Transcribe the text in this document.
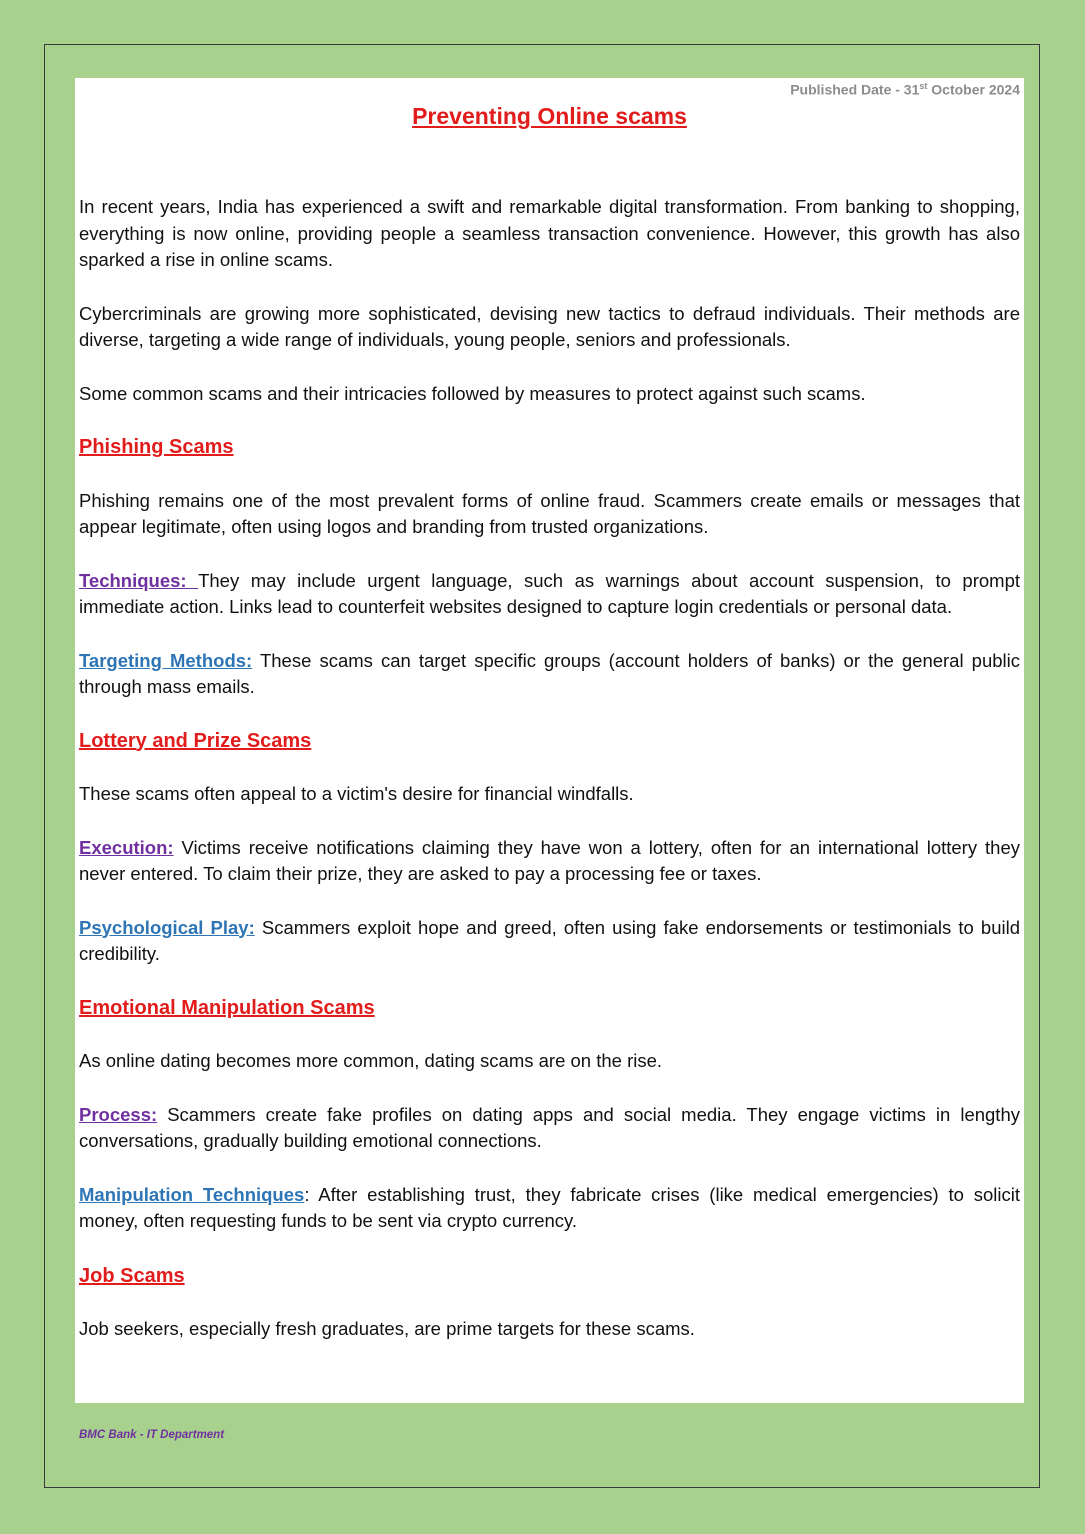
Published Date - 31st October 2024
Preventing Online scams

In recent years, India has experienced a swift and remarkable digital transformation. From banking to shopping, everything is now online, providing people a seamless transaction convenience. However, this growth has also sparked a rise in online scams.

Cybercriminals are growing more sophisticated, devising new tactics to defraud individuals. Their methods are diverse, targeting a wide range of individuals, young people, seniors and professionals.

Some common scams and their intricacies followed by measures to protect against such scams.

Phishing Scams

Phishing remains one of the most prevalent forms of online fraud. Scammers create emails or messages that appear legitimate, often using logos and branding from trusted organizations.

Techniques: They may include urgent language, such as warnings about account suspension, to prompt immediate action. Links lead to counterfeit websites designed to capture login credentials or personal data.

Targeting Methods: These scams can target specific groups (account holders of banks) or the general public through mass emails.

Lottery and Prize Scams

These scams often appeal to a victim's desire for financial windfalls.

Execution: Victims receive notifications claiming they have won a lottery, often for an international lottery they never entered. To claim their prize, they are asked to pay a processing fee or taxes.

Psychological Play: Scammers exploit hope and greed, often using fake endorsements or testimonials to build credibility.

Emotional Manipulation Scams

As online dating becomes more common, dating scams are on the rise.

Process: Scammers create fake profiles on dating apps and social media. They engage victims in lengthy conversations, gradually building emotional connections.

Manipulation Techniques: After establishing trust, they fabricate crises (like medical emergencies) to solicit money, often requesting funds to be sent via crypto currency.

Job Scams

Job seekers, especially fresh graduates, are prime targets for these scams.

BMC Bank - IT Department
